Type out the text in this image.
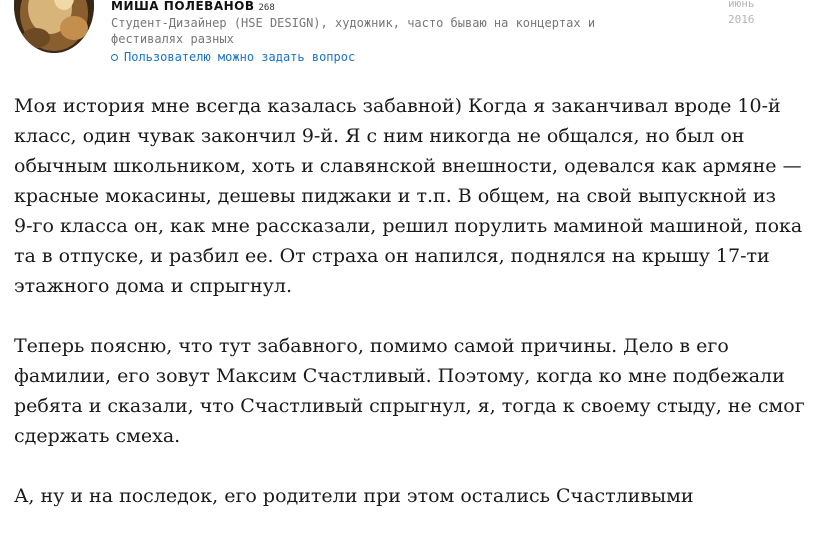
МИША ПОЛЕВАНОВ 268
Студент-Дизайнер (HSE DESIGN), художник, часто бываю на концертах и
фестивалях разных
Пользователю можно задать вопрос
июнь
2016

Моя история мне всегда казалась забавной) Когда я заканчивал вроде 10-й
класс, один чувак закончил 9-й. Я с ним никогда не общался, но был он
обычным школьником, хоть и славянской внешности, одевался как армяне —
красные мокасины, дешевы пиджаки и т.п. В общем, на свой выпускной из
9-го класса он, как мне рассказали, решил порулить маминой машиной, пока
та в отпуске, и разбил ее. От страха он напился, поднялся на крышу 17-ти
этажного дома и спрыгнул.

Теперь поясню, что тут забавного, помимо самой причины. Дело в его
фамилии, его зовут Максим Счастливый. Поэтому, когда ко мне подбежали
ребята и сказали, что Счастливый спрыгнул, я, тогда к своему стыду, не смог
сдержать смеха.

А, ну и на последок, его родители при этом остались Счастливыми
